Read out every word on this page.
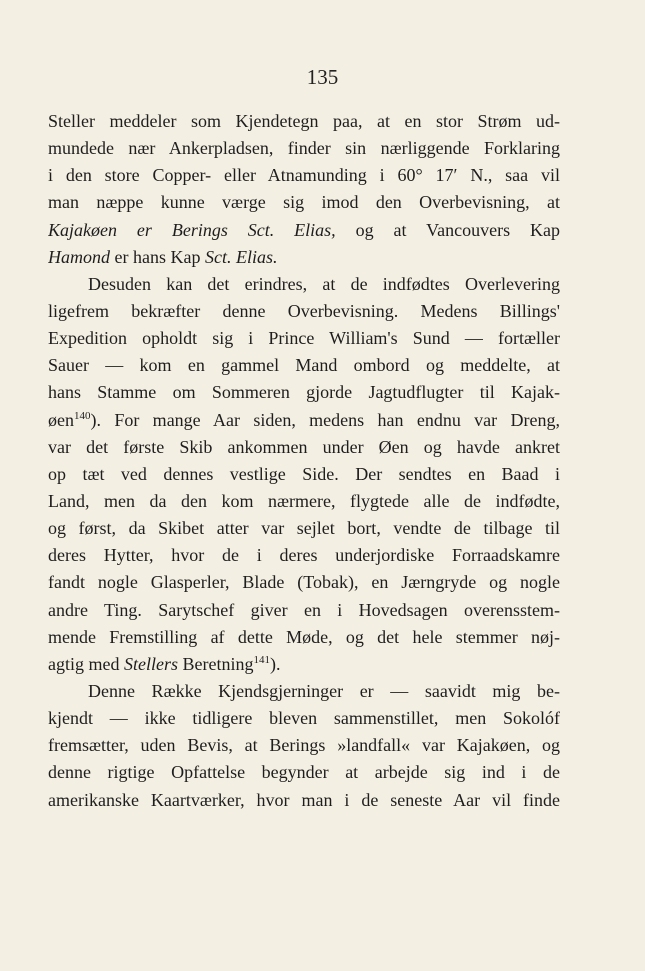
135
Steller meddeler som Kjendetegn paa, at en stor Strøm ud-
mundede nær Ankerpladsen, finder sin nærliggende Forklaring
i den store Copper- eller Atnamunding i 60° 17′ N., saa vil
man næppe kunne værge sig imod den Overbevisning, at
Kajakøen er Berings Sct. Elias, og at Vancouvers Kap
Hamond er hans Kap Sct. Elias.
Desuden kan det erindres, at de indfødtes Overlevering
ligefrem bekræfter denne Overbevisning. Medens Billings'
Expedition opholdt sig i Prince William's Sund — fortæller
Sauer — kom en gammel Mand ombord og meddelte, at
hans Stamme om Sommeren gjorde Jagtudflugter til Kajak-
øen$^{140}$). For mange Aar siden, medens han endnu var Dreng,
var det første Skib ankommen under Øen og havde ankret
op tæt ved dennes vestlige Side. Der sendtes en Baad i
Land, men da den kom nærmere, flygtede alle de indfødte,
og først, da Skibet atter var sejlet bort, vendte de tilbage til
deres Hytter, hvor de i deres underjordiske Forraadskamre
fandt nogle Glasperler, Blade (Tobak), en Jærngryde og nogle
andre Ting. Sarytschef giver en i Hovedsagen overensstem-
mende Fremstilling af dette Møde, og det hele stemmer nøj-
agtig med Stellers Beretning$^{141}$).
Denne Række Kjendsgjerninger er — saavidt mig be-
kjendt — ikke tidligere bleven sammenstillet, men Sokolóf
fremsætter, uden Bevis, at Berings »landfall« var Kajakøen, og
denne rigtige Opfattelse begynder at arbejde sig ind i de
amerikanske Kaartværker, hvor man i de seneste Aar vil finde
